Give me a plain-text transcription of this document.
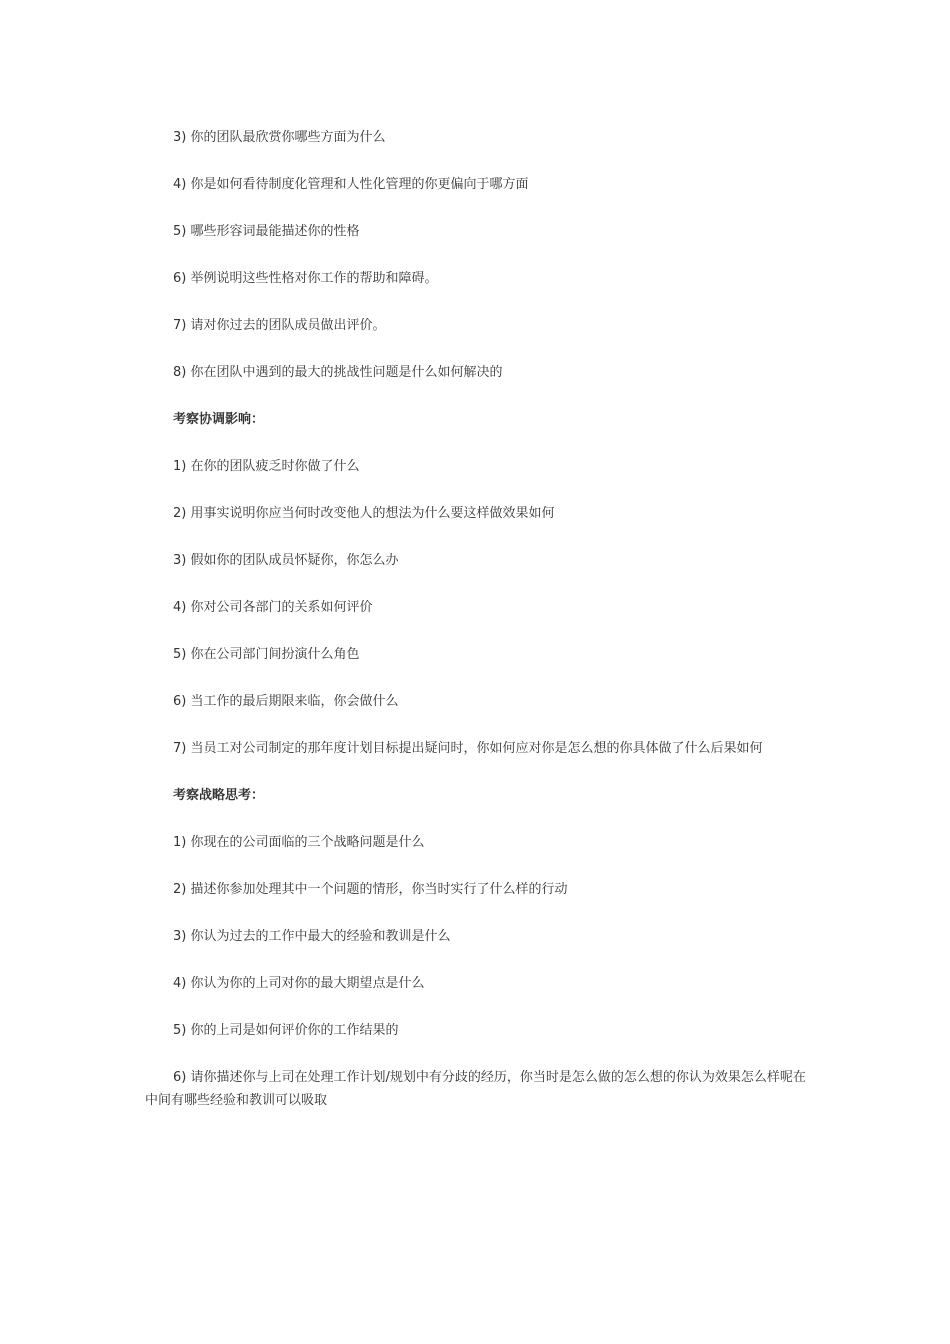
3) 你的团队最欣赏你哪些方面为什么

4) 你是如何看待制度化管理和人性化管理的你更偏向于哪方面

5) 哪些形容词最能描述你的性格

6) 举例说明这些性格对你工作的帮助和障碍。

7) 请对你过去的团队成员做出评价。

8) 你在团队中遇到的最大的挑战性问题是什么如何解决的

考察协调影响：

1) 在你的团队疲乏时你做了什么

2) 用事实说明你应当何时改变他人的想法为什么要这样做效果如何

3) 假如你的团队成员怀疑你，你怎么办

4) 你对公司各部门的关系如何评价

5) 你在公司部门间扮演什么角色

6) 当工作的最后期限来临，你会做什么

7) 当员工对公司制定的那年度计划目标提出疑问时，你如何应对你是怎么想的你具体做了什么后果如何

考察战略思考：

1) 你现在的公司面临的三个战略问题是什么

2) 描述你参加处理其中一个问题的情形，你当时实行了什么样的行动

3) 你认为过去的工作中最大的经验和教训是什么

4) 你认为你的上司对你的最大期望点是什么

5) 你的上司是如何评价你的工作结果的

6) 请你描述你与上司在处理工作计划/规划中有分歧的经历，你当时是怎么做的怎么想的你认为效果怎么样呢在中间有哪些经验和教训可以吸取
